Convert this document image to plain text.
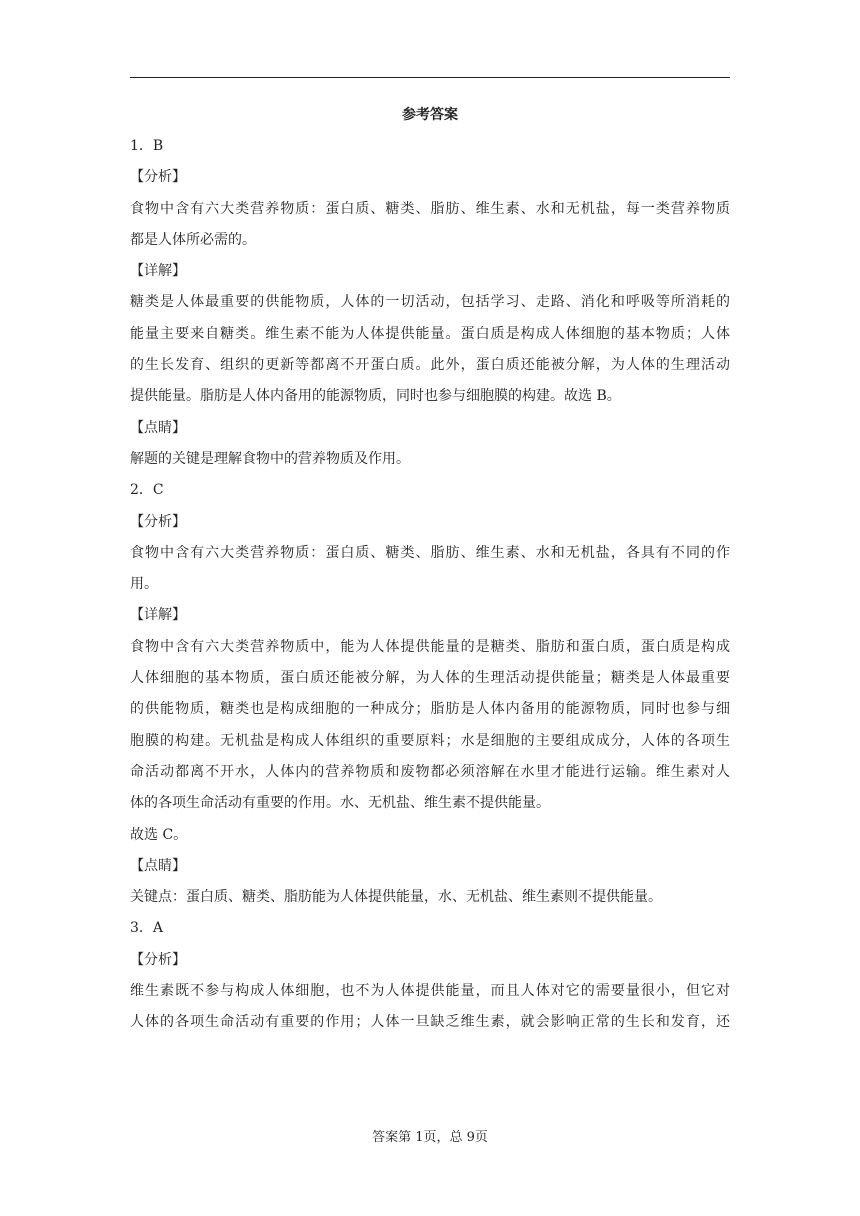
参考答案
1．B
【分析】
食物中含有六大类营养物质：蛋白质、糖类、脂肪、维生素、水和无机盐，每一类营养物质
都是人体所必需的。
【详解】
糖类是人体最重要的供能物质，人体的一切活动，包括学习、走路、消化和呼吸等所消耗的
能量主要来自糖类。维生素不能为人体提供能量。蛋白质是构成人体细胞的基本物质；人体
的生长发育、组织的更新等都离不开蛋白质。此外，蛋白质还能被分解，为人体的生理活动
提供能量。脂肪是人体内备用的能源物质，同时也参与细胞膜的构建。故选 B。
【点睛】
解题的关键是理解食物中的营养物质及作用。
2．C
【分析】
食物中含有六大类营养物质：蛋白质、糖类、脂肪、维生素、水和无机盐，各具有不同的作
用。
【详解】
食物中含有六大类营养物质中，能为人体提供能量的是糖类、脂肪和蛋白质，蛋白质是构成
人体细胞的基本物质，蛋白质还能被分解，为人体的生理活动提供能量；糖类是人体最重要
的供能物质，糖类也是构成细胞的一种成分；脂肪是人体内备用的能源物质，同时也参与细
胞膜的构建。无机盐是构成人体组织的重要原料；水是细胞的主要组成成分，人体的各项生
命活动都离不开水，人体内的营养物质和废物都必须溶解在水里才能进行运输。维生素对人
体的各项生命活动有重要的作用。水、无机盐、维生素不提供能量。
故选 C。
【点睛】
关键点：蛋白质、糖类、脂肪能为人体提供能量，水、无机盐、维生素则不提供能量。
3．A
【分析】
维生素既不参与构成人体细胞，也不为人体提供能量，而且人体对它的需要量很小，但它对
人体的各项生命活动有重要的作用；人体一旦缺乏维生素，就会影响正常的生长和发育，还
答案第 1页，总 9页
